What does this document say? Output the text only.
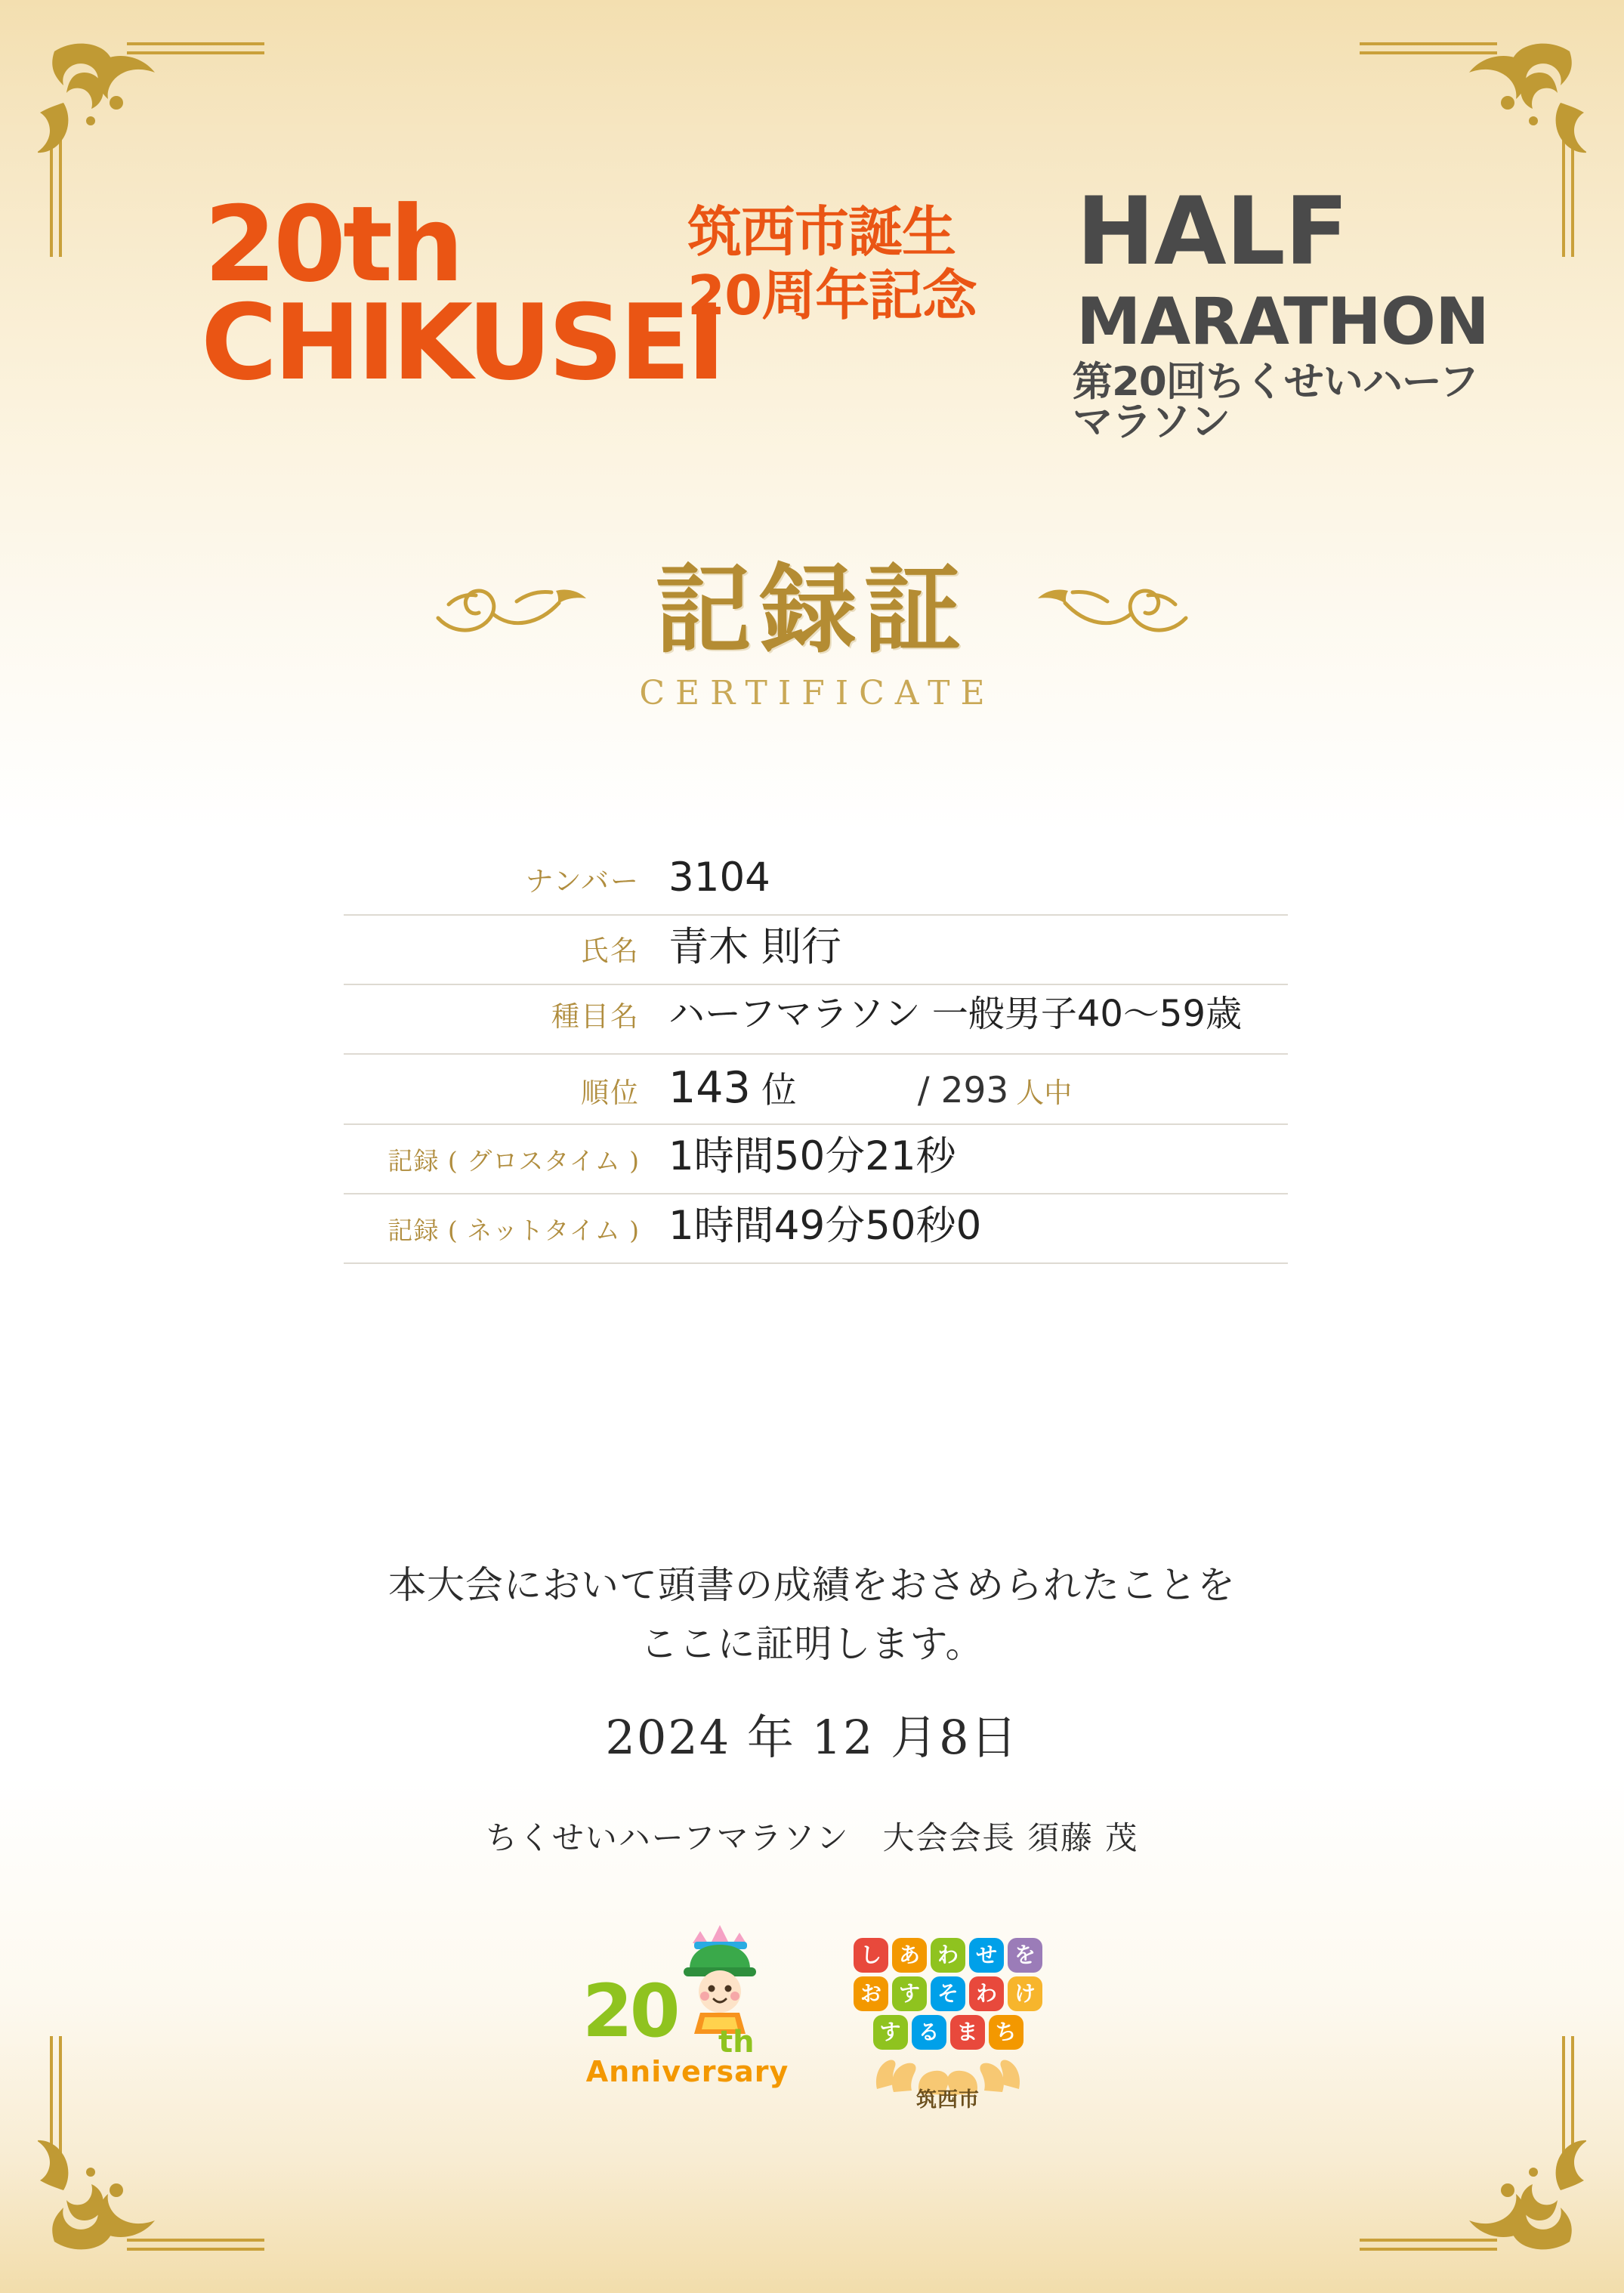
20th
CHIKUSEI
筑西市誕生
20周年記念
HALF
MARATHON
第20回ちくせいハーフマラソン
記録証
CERTIFICATE
ナンバー 3104
氏名 青木 則行
種目名 ハーフマラソン 一般男子40〜59歳
順位 143 位	/ 293 人中
記録 ( グロスタイム ) 1時間50分21秒
記録 ( ネットタイム ) 1時間49分50秒0
本大会において頭書の成績をおさめられたことを
ここに証明します。
2024 年 12 月8日
ちくせいハーフマラソン　大会会長 須藤 茂
20 th
Anniversary
し あ わ せ を
お す そ わ け
す る ま ち
筑西市
